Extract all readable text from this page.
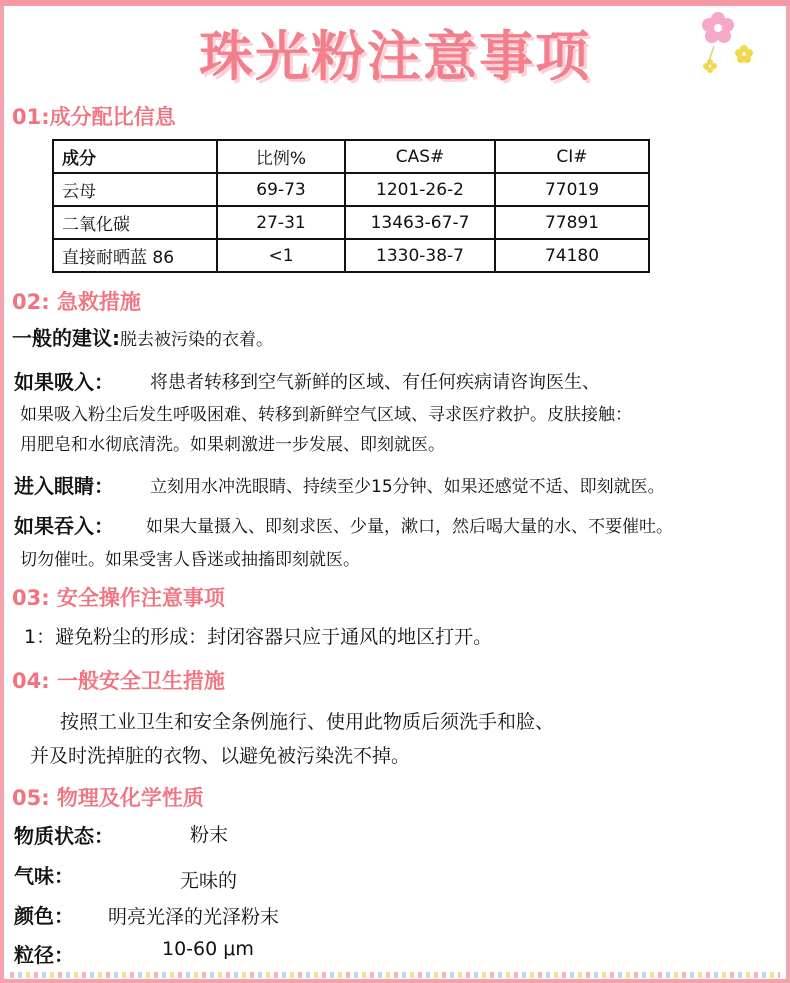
珠光粉注意事项
01:成分配比信息
成分	比例%	CAS#	CI#
云母	69-73	1201-26-2	77019
二氧化碳	27-31	13463-67-7	77891
直接耐晒蓝 86	<1	1330-38-7	74180
02: 急救措施
一般的建议:脱去被污染的衣着。
如果吸入： 将患者转移到空气新鲜的区域、有任何疾病请咨询医生、
如果吸入粉尘后发生呼吸困难、转移到新鲜空气区域、寻求医疗救护。皮肤接触：
用肥皂和水彻底清洗。如果刺激进一步发展、即刻就医。
进入眼睛： 立刻用水冲洗眼睛、持续至少15分钟、如果还感觉不适、即刻就医。
如果吞入： 如果大量摄入、即刻求医、少量，漱口，然后喝大量的水、不要催吐。
切勿催吐。如果受害人昏迷或抽搐即刻就医。
03: 安全操作注意事项
1：避免粉尘的形成：封闭容器只应于通风的地区打开。
04: 一般安全卫生措施
按照工业卫生和安全条例施行、使用此物质后须洗手和脸、
并及时洗掉脏的衣物、以避免被污染洗不掉。
05: 物理及化学性质
物质状态：	粉末
气味：	无味的
颜色： 明亮光泽的光泽粉末
粒径：	10-60 μm
